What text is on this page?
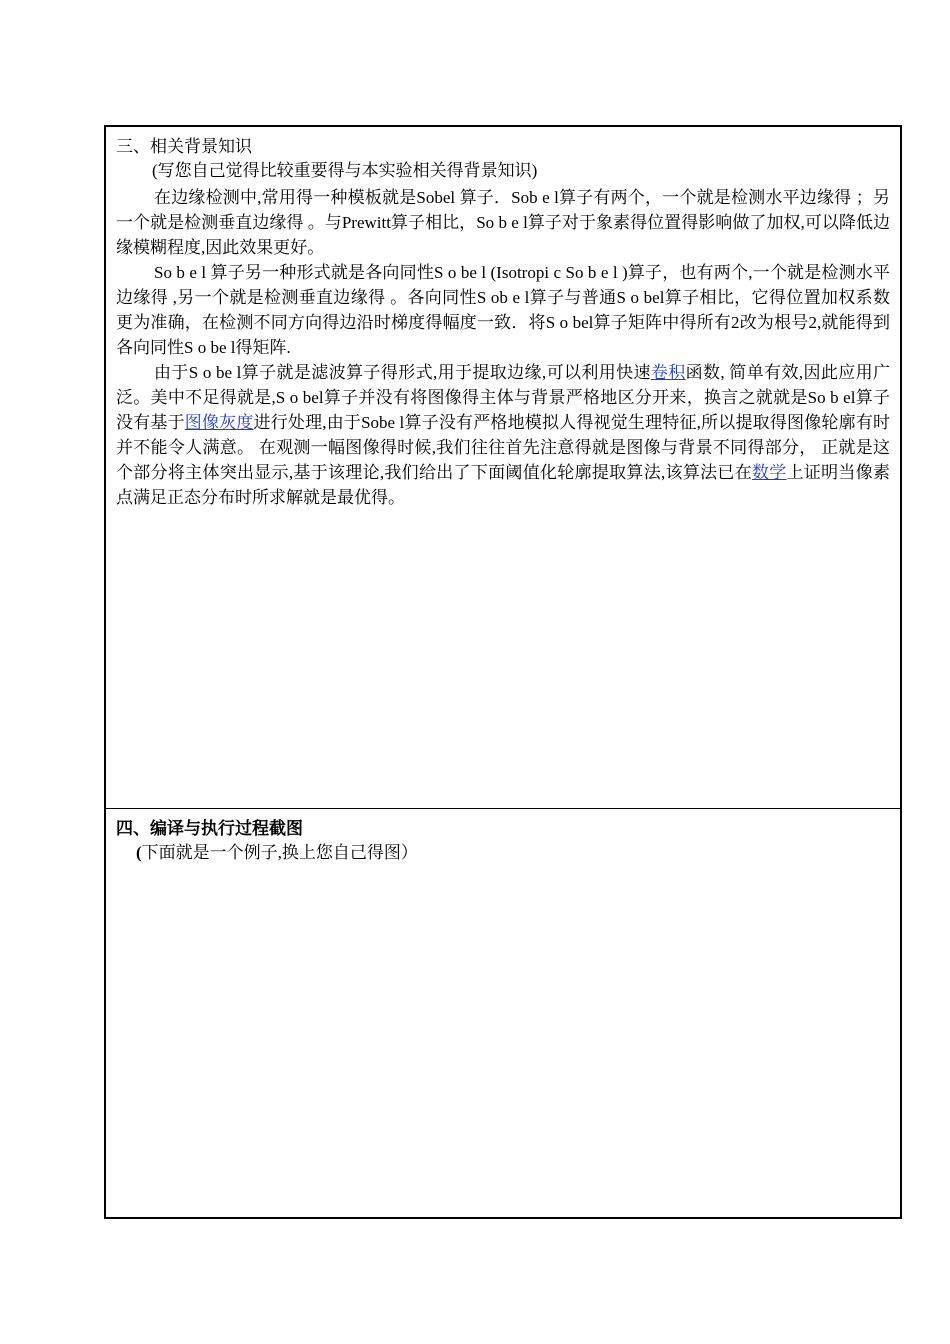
三、相关背景知识

(写您自己觉得比较重要得与本实验相关得背景知识)

在边缘检测中,常用得一种模板就是Sobel 算子．Sob e l算子有两个，一个就是检测水平边缘得 ；另一个就是检测垂直边缘得 。与Prewitt算子相比，So b e l算子对于象素得位置得影响做了加权,可以降低边缘模糊程度,因此效果更好。

So b e l 算子另一种形式就是各向同性S o be l (Isotropi c So b e l )算子，也有两个,一个就是检测水平边缘得 ,另一个就是检测垂直边缘得 。各向同性S ob e l算子与普通S o bel算子相比，它得位置加权系数更为准确，在检测不同方向得边沿时梯度得幅度一致．将S o bel算子矩阵中得所有2改为根号2,就能得到各向同性S o be l得矩阵.

由于S o be l算子就是滤波算子得形式,用于提取边缘,可以利用快速卷积函数, 简单有效,因此应用广泛。美中不足得就是,S o bel算子并没有将图像得主体与背景严格地区分开来，换言之就就是So b el算子没有基于图像灰度进行处理,由于Sobe l算子没有严格地模拟人得视觉生理特征,所以提取得图像轮廓有时并不能令人满意。 在观测一幅图像得时候,我们往往首先注意得就是图像与背景不同得部分， 正就是这个部分将主体突出显示,基于该理论,我们给出了下面阈值化轮廓提取算法,该算法已在数学上证明当像素点满足正态分布时所求解就是最优得。

四、编译与执行过程截图

(下面就是一个例子,换上您自己得图）
